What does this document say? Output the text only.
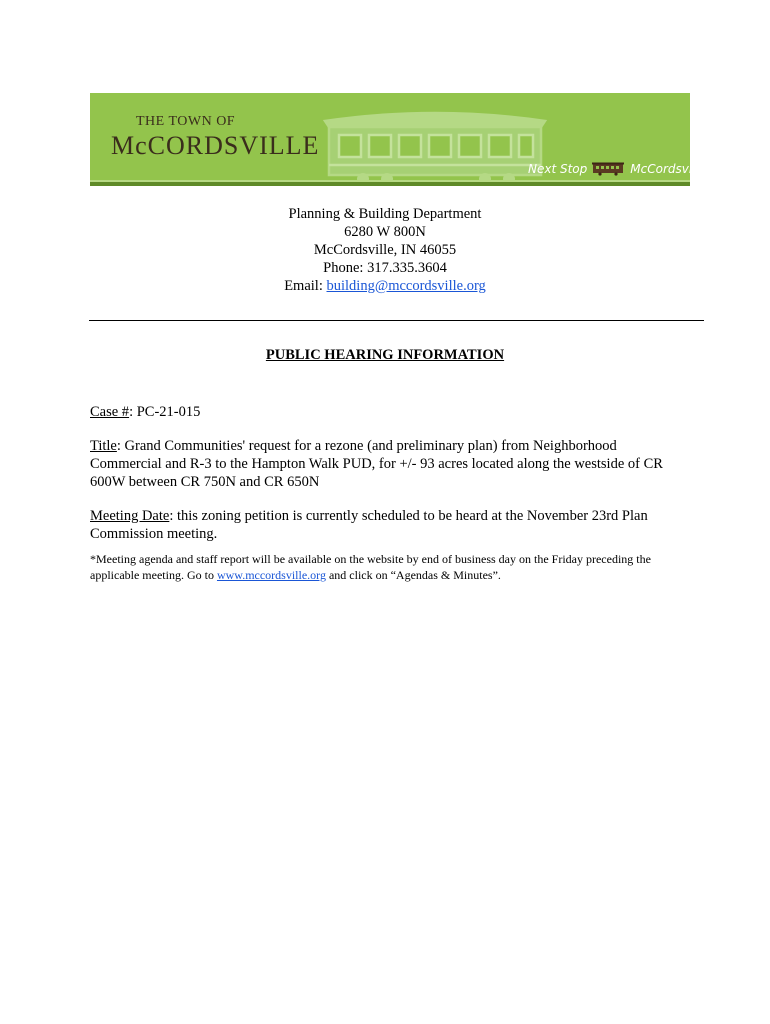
THE TOWN OF
McCORDSVILLE
Next Stop	McCordsville
Planning & Building Department
6280 W 800N
McCordsville, IN 46055
Phone: 317.335.3604
Email: building@mccordsville.org
PUBLIC HEARING INFORMATION

Case #: PC-21-015

Title: Grand Communities' request for a rezone (and preliminary plan) from Neighborhood Commercial and R-3 to the Hampton Walk PUD, for +/- 93 acres located along the westside of CR 600W between CR 750N and CR 650N

Meeting Date: this zoning petition is currently scheduled to be heard at the November 23rd Plan Commission meeting.

*Meeting agenda and staff report will be available on the website by end of business day on the Friday preceding the applicable meeting. Go to www.mccordsville.org and click on “Agendas & Minutes”.
